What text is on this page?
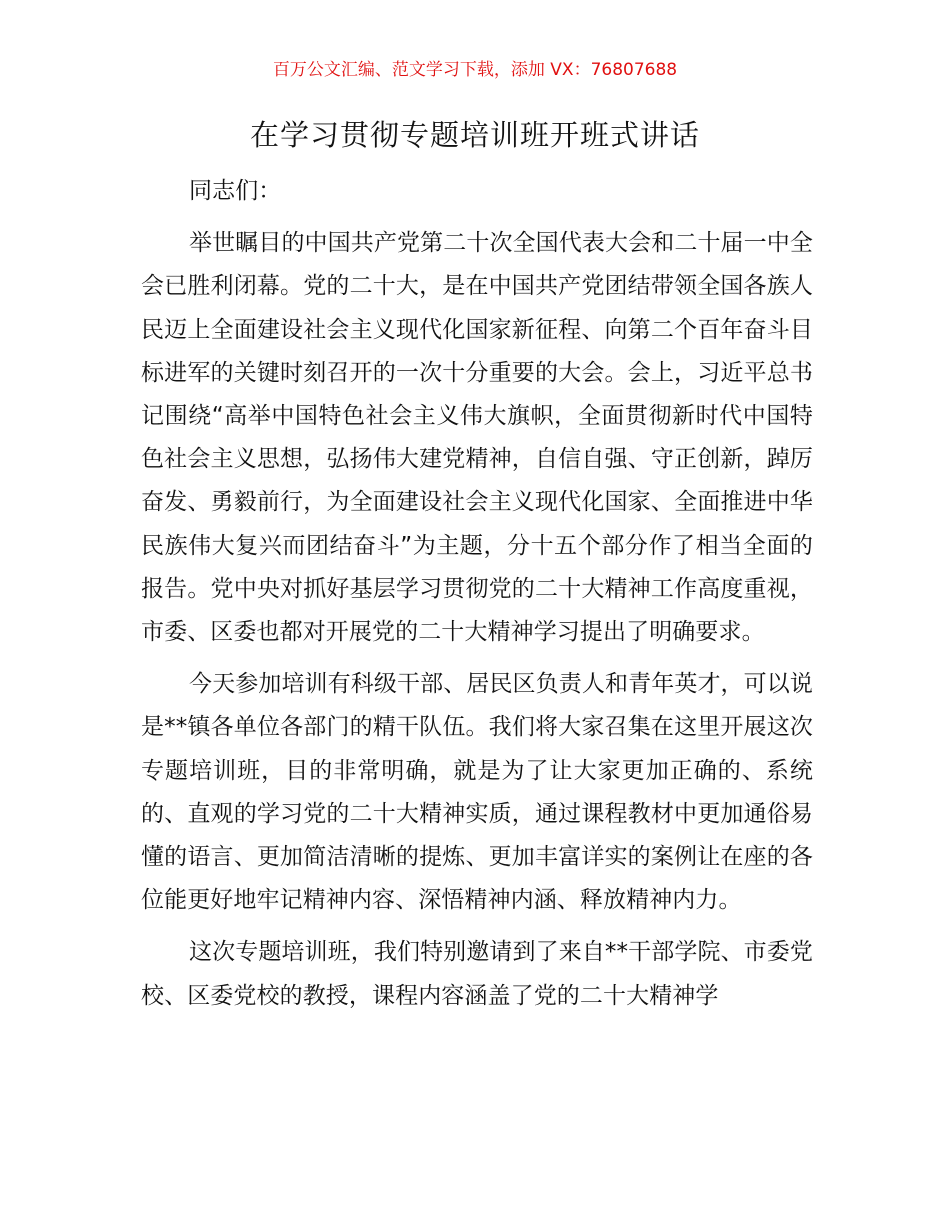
百万公文汇编、范文学习下载，添加 VX：76807688
在学习贯彻专题培训班开班式讲话

同志们：

举世瞩目的中国共产党第二十次全国代表大会和二十届一中全会已胜利闭幕。党的二十大，是在中国共产党团结带领全国各族人民迈上全面建设社会主义现代化国家新征程、向第二个百年奋斗目标进军的关键时刻召开的一次十分重要的大会。会上，习近平总书记围绕“高举中国特色社会主义伟大旗帜，全面贯彻新时代中国特色社会主义思想，弘扬伟大建党精神，自信自强、守正创新，踔厉奋发、勇毅前行，为全面建设社会主义现代化国家、全面推进中华民族伟大复兴而团结奋斗”为主题，分十五个部分作了相当全面的报告。党中央对抓好基层学习贯彻党的二十大精神工作高度重视，市委、区委也都对开展党的二十大精神学习提出了明确要求。

今天参加培训有科级干部、居民区负责人和青年英才，可以说是**镇各单位各部门的精干队伍。我们将大家召集在这里开展这次专题培训班，目的非常明确，就是为了让大家更加正确的、系统的、直观的学习党的二十大精神实质，通过课程教材中更加通俗易懂的语言、更加简洁清晰的提炼、更加丰富详实的案例让在座的各位能更好地牢记精神内容、深悟精神内涵、释放精神内力。

这次专题培训班，我们特别邀请到了来自**干部学院、市委党校、区委党校的教授，课程内容涵盖了党的二十大精神学
